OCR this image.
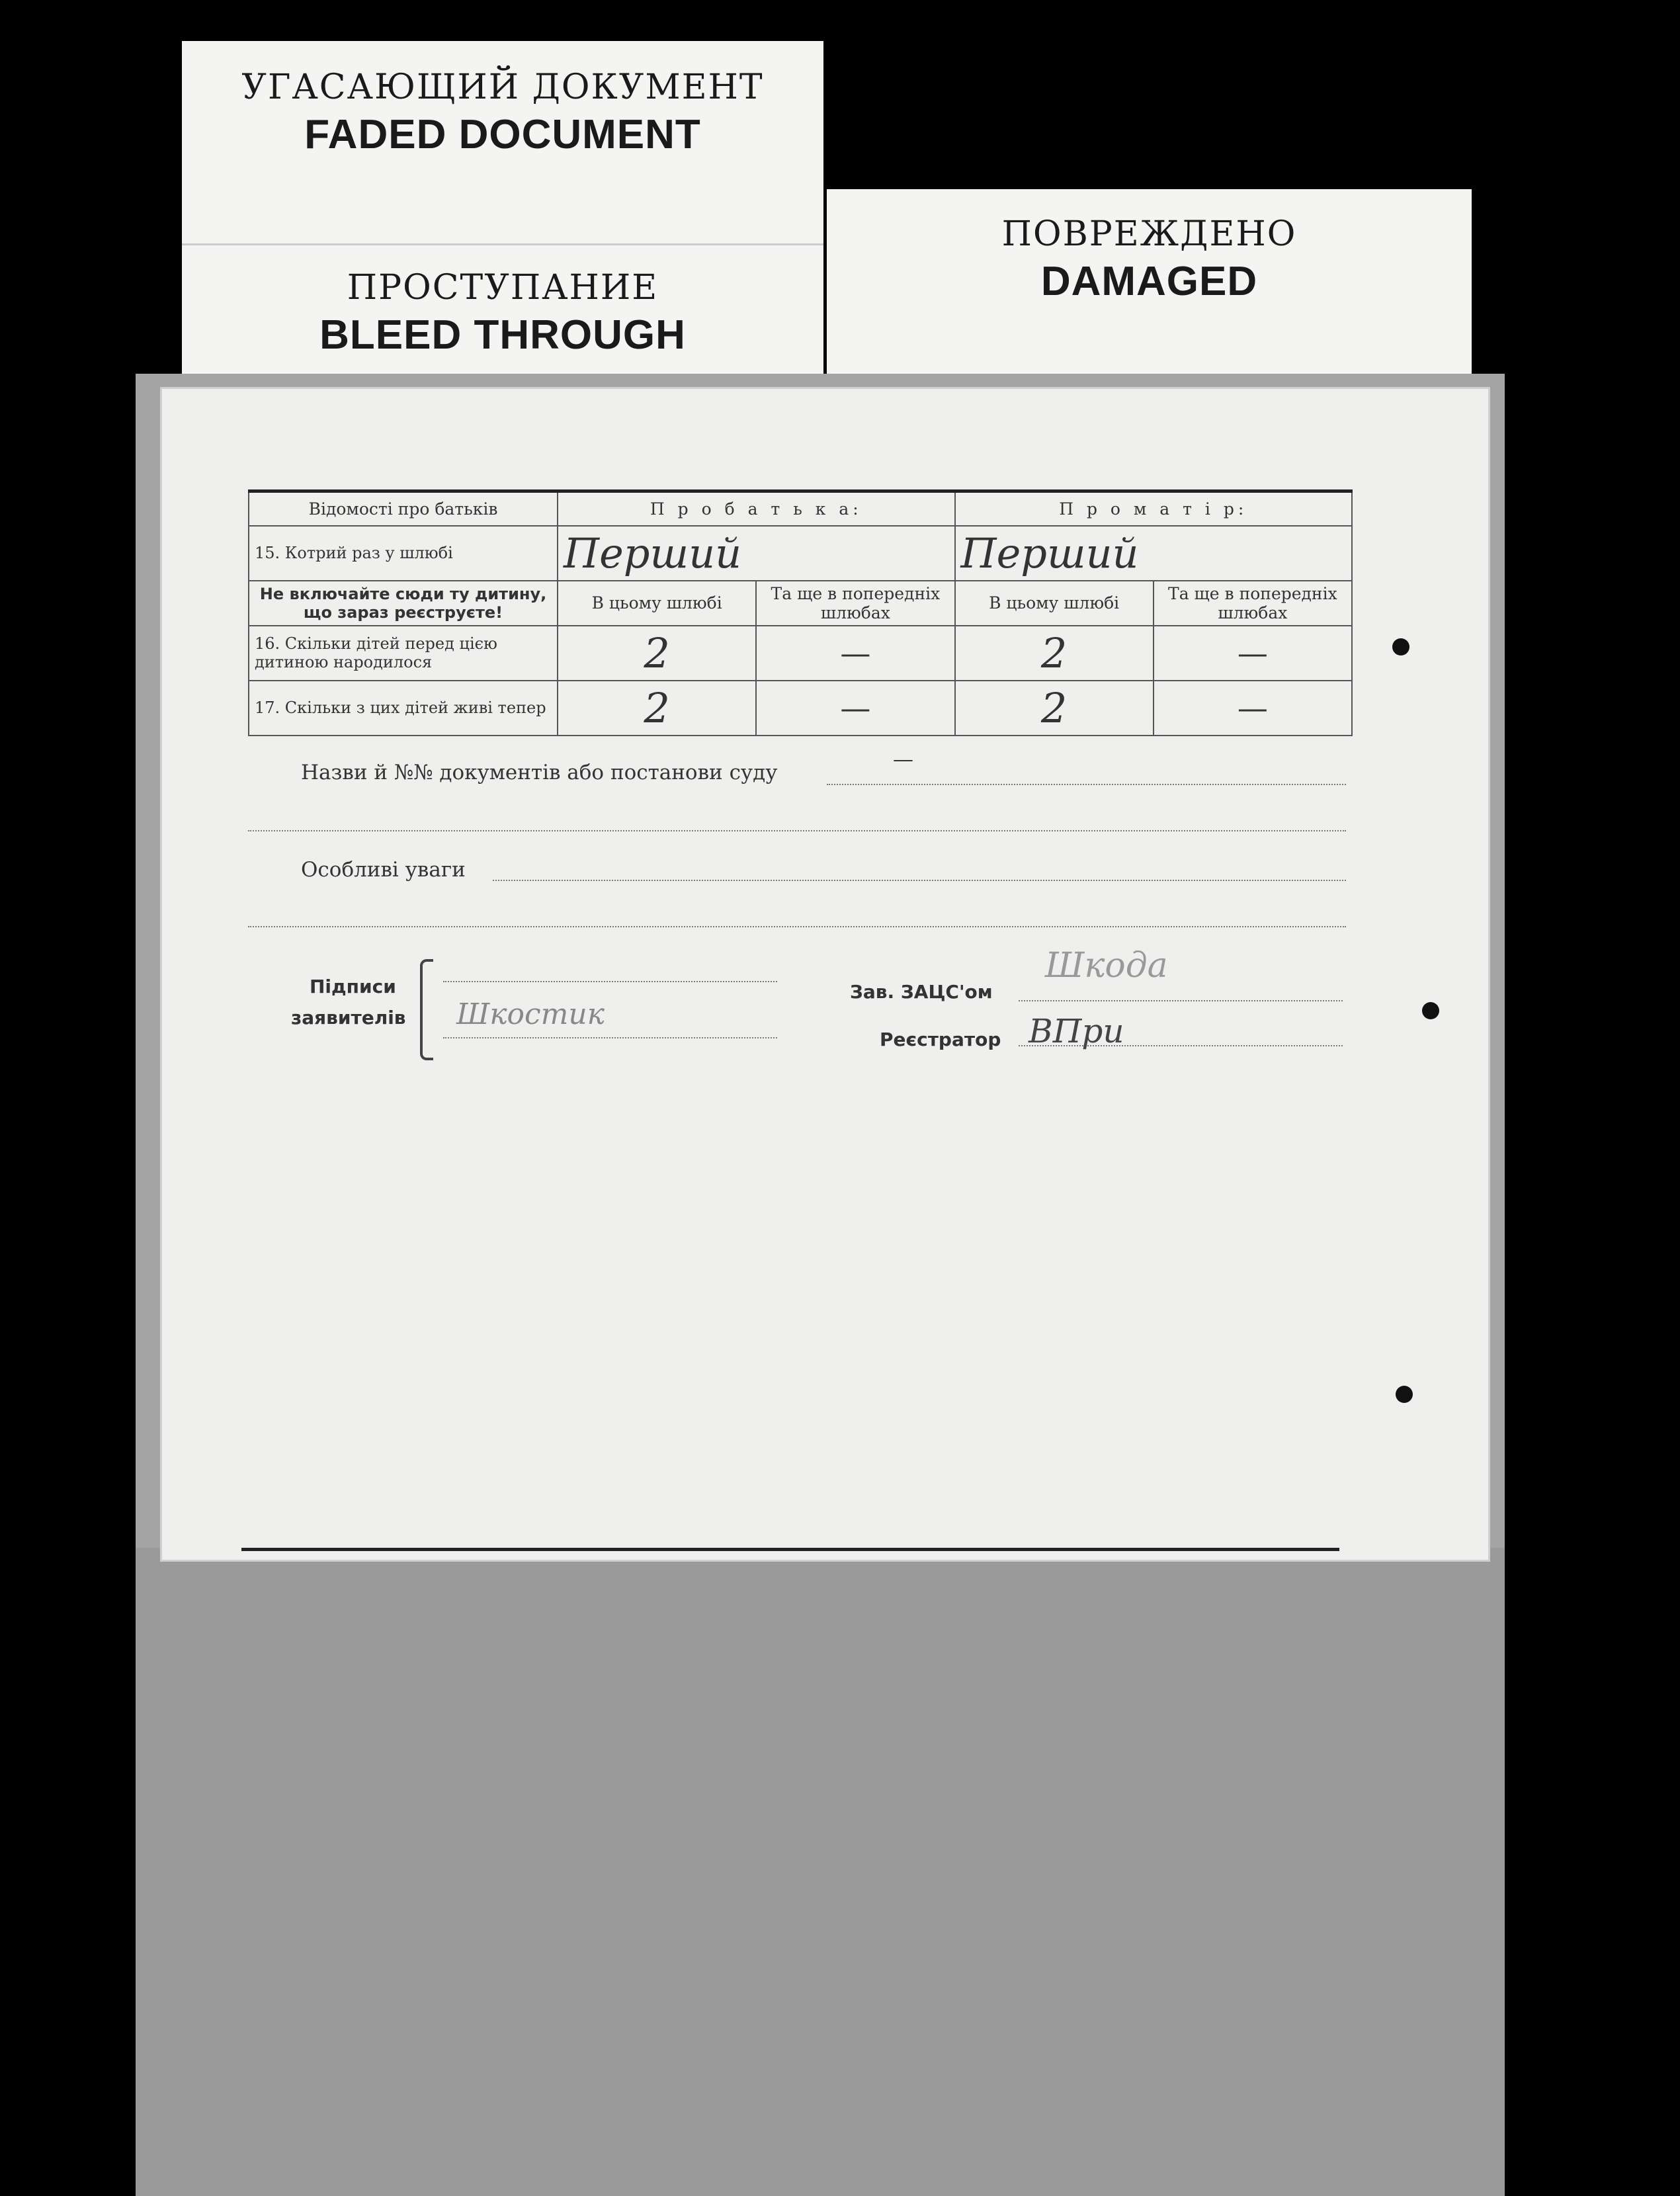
УГАСАЮЩИЙ ДОКУМЕНТ
FADED DOCUMENT
ПРОСТУПАНИЕ
BLEED THROUGH
ПОВРЕЖДЕНО
DAMAGED
Відомості про батьків	П р о б а т ь к а:		П р о м а т і р:	
15. Котрий раз у шлюбі	Перший		Перший	
Не включайте сюди ту дитину, що зараз реєструєте!	В цьому шлюбі	Та ще в попередніх шлюбах	В цьому шлюбі	Та ще в попередніх шлюбах
16. Скільки дітей перед цією дитиною народилося	2	—	2	—
17. Скільки з цих дітей живі тепер	2	—	2	—
Назви й №№ документів або постанови суду
—
Особливі уваги
Підписи
заявителів Шкостик
Зав. ЗАЦС'ом
Шкода
Реєстратор ВПри
